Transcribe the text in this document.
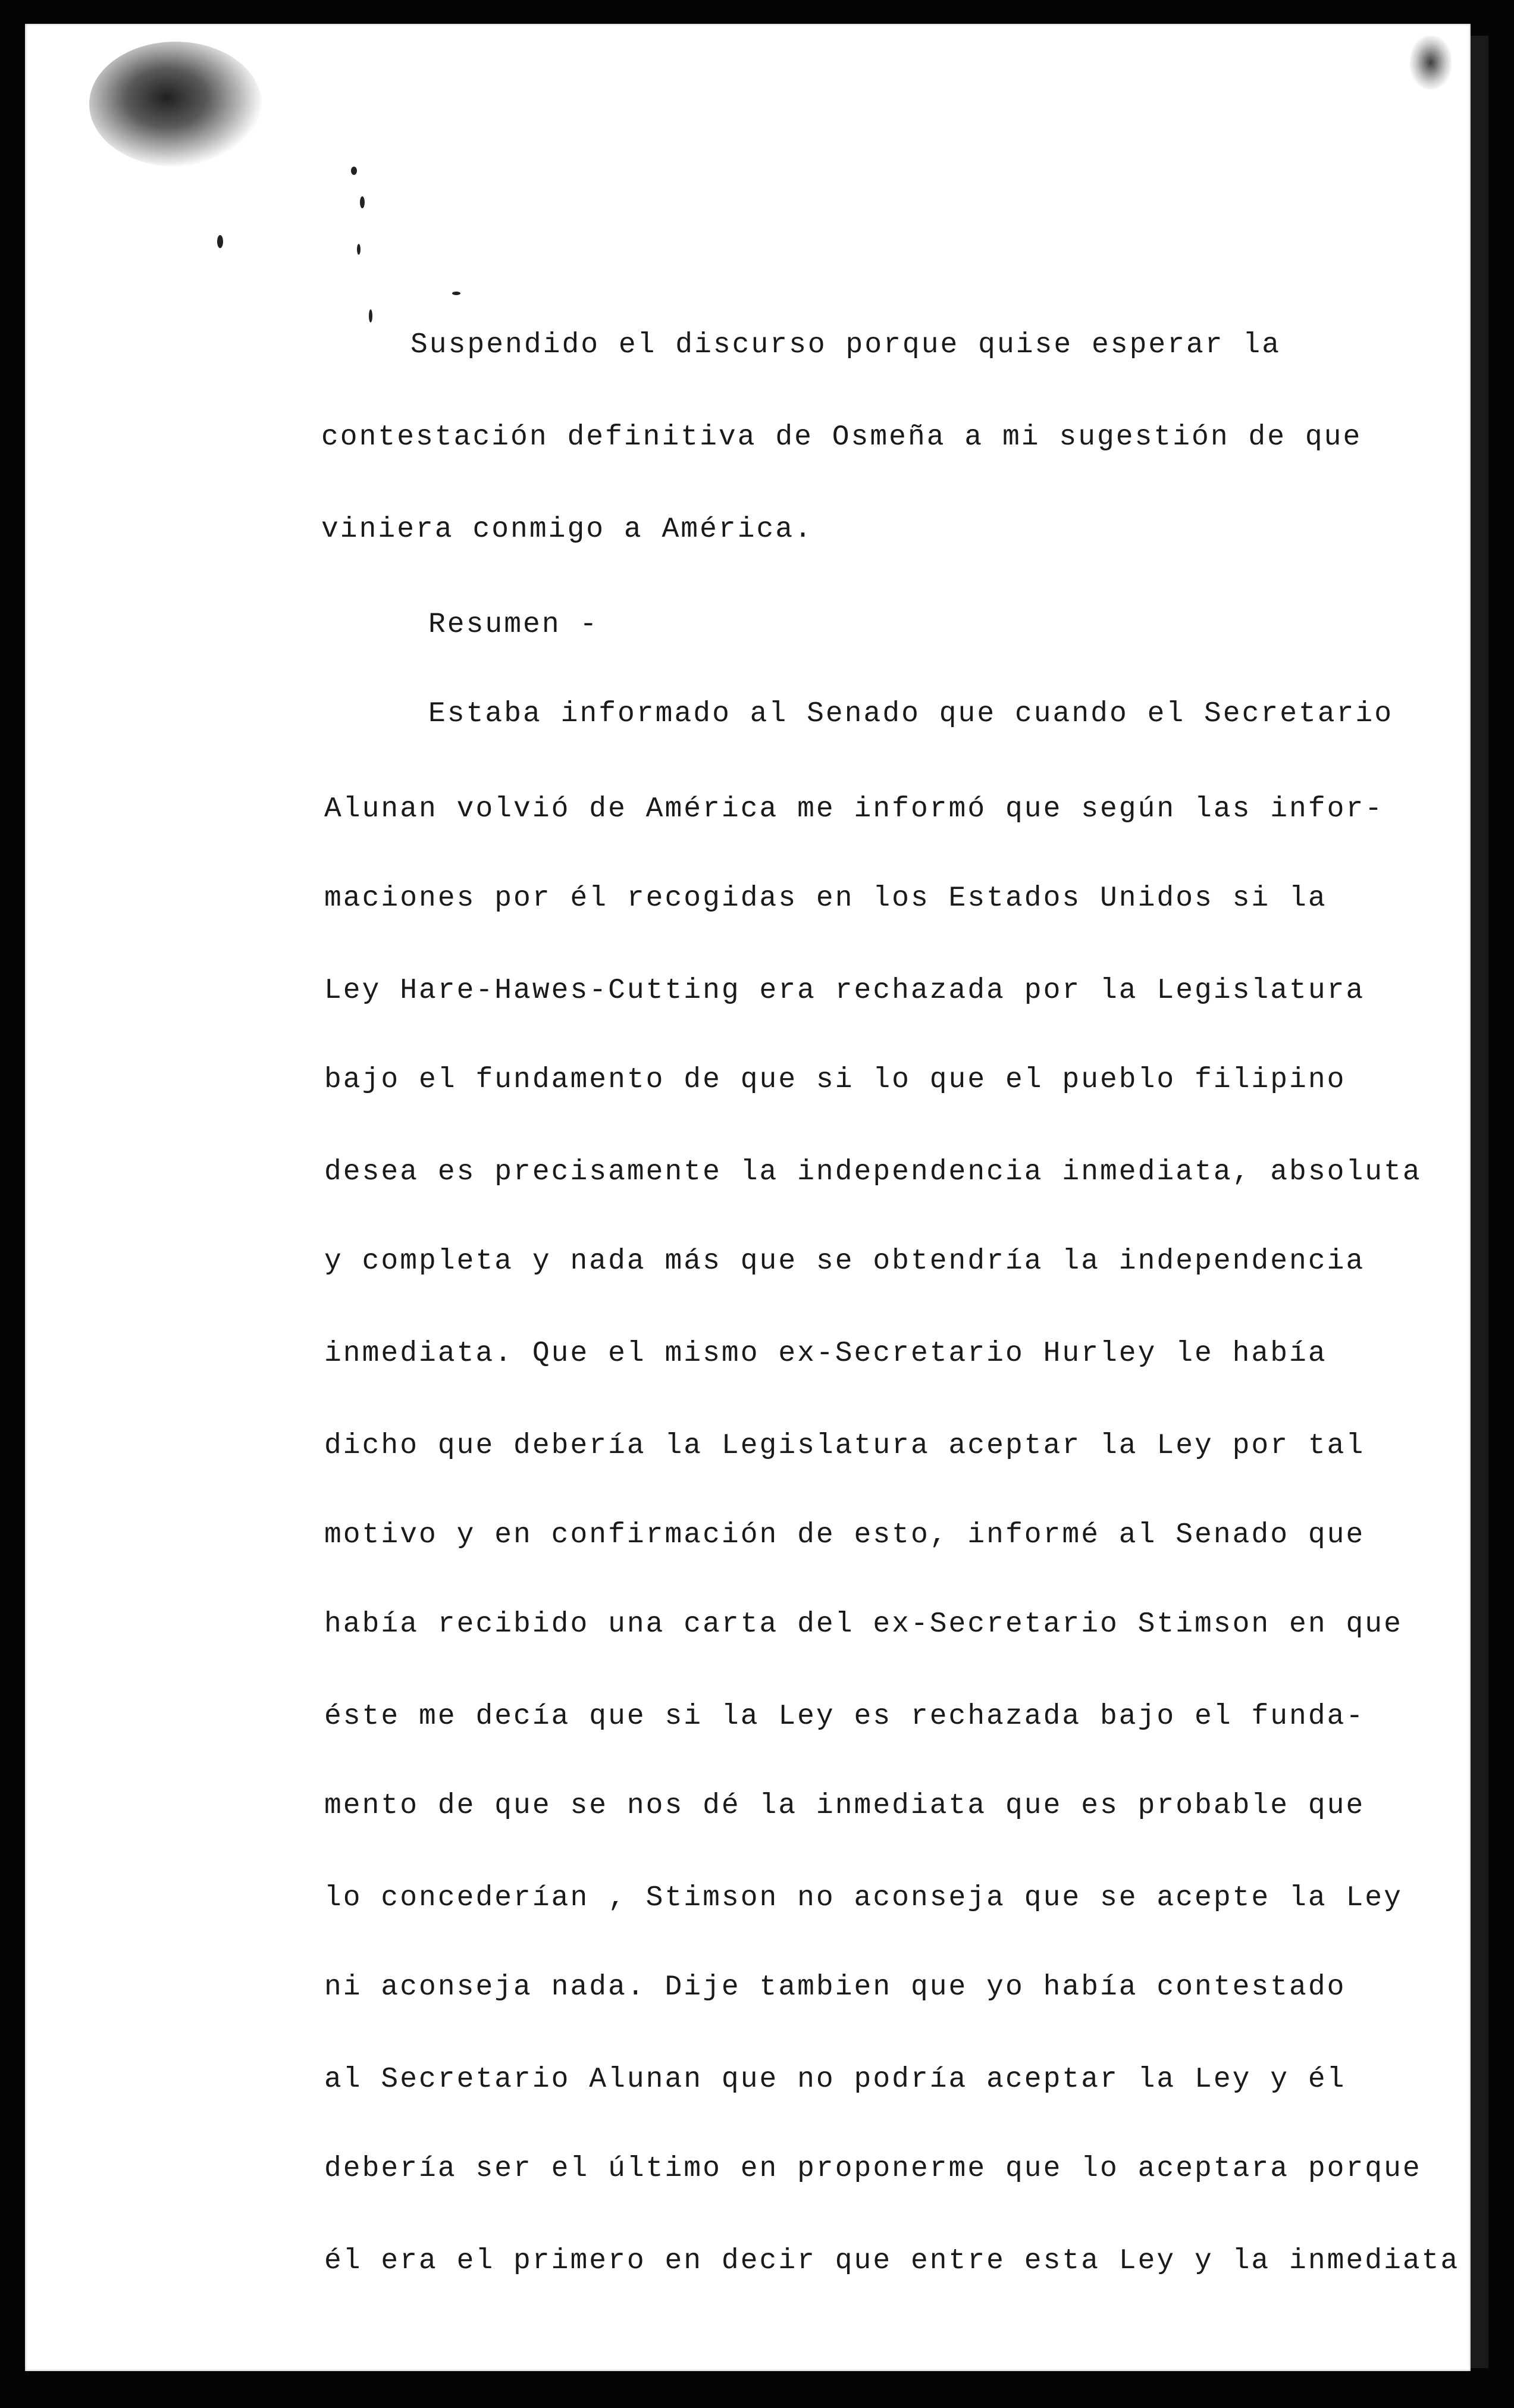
Suspendido el discurso porque quise esperar la
contestación definitiva de Osmeña a mi sugestión de que
viniera conmigo a América.
Resumen -
Estaba informado al Senado que cuando el Secretario
Alunan volvió de América me informó que según las infor-
maciones por él recogidas en los Estados Unidos si la
Ley Hare-Hawes-Cutting era rechazada por la Legislatura
bajo el fundamento de que si lo que el pueblo filipino
desea es precisamente la independencia inmediata, absoluta
y completa y nada más que se obtendría la independencia
inmediata. Que el mismo ex-Secretario Hurley le había
dicho que debería la Legislatura aceptar la Ley por tal
motivo y en confirmación de esto, informé al Senado que
había recibido una carta del ex-Secretario Stimson en que
éste me decía que si la Ley es rechazada bajo el funda-
mento de que se nos dé la inmediata que es probable que
lo concederían , Stimson no aconseja que se acepte la Ley
ni aconseja nada. Dije tambien que yo había contestado
al Secretario Alunan que no podría aceptar la Ley y él
debería ser el último en proponerme que lo aceptara porque
él era el primero en decir que entre esta Ley y la inmediata
